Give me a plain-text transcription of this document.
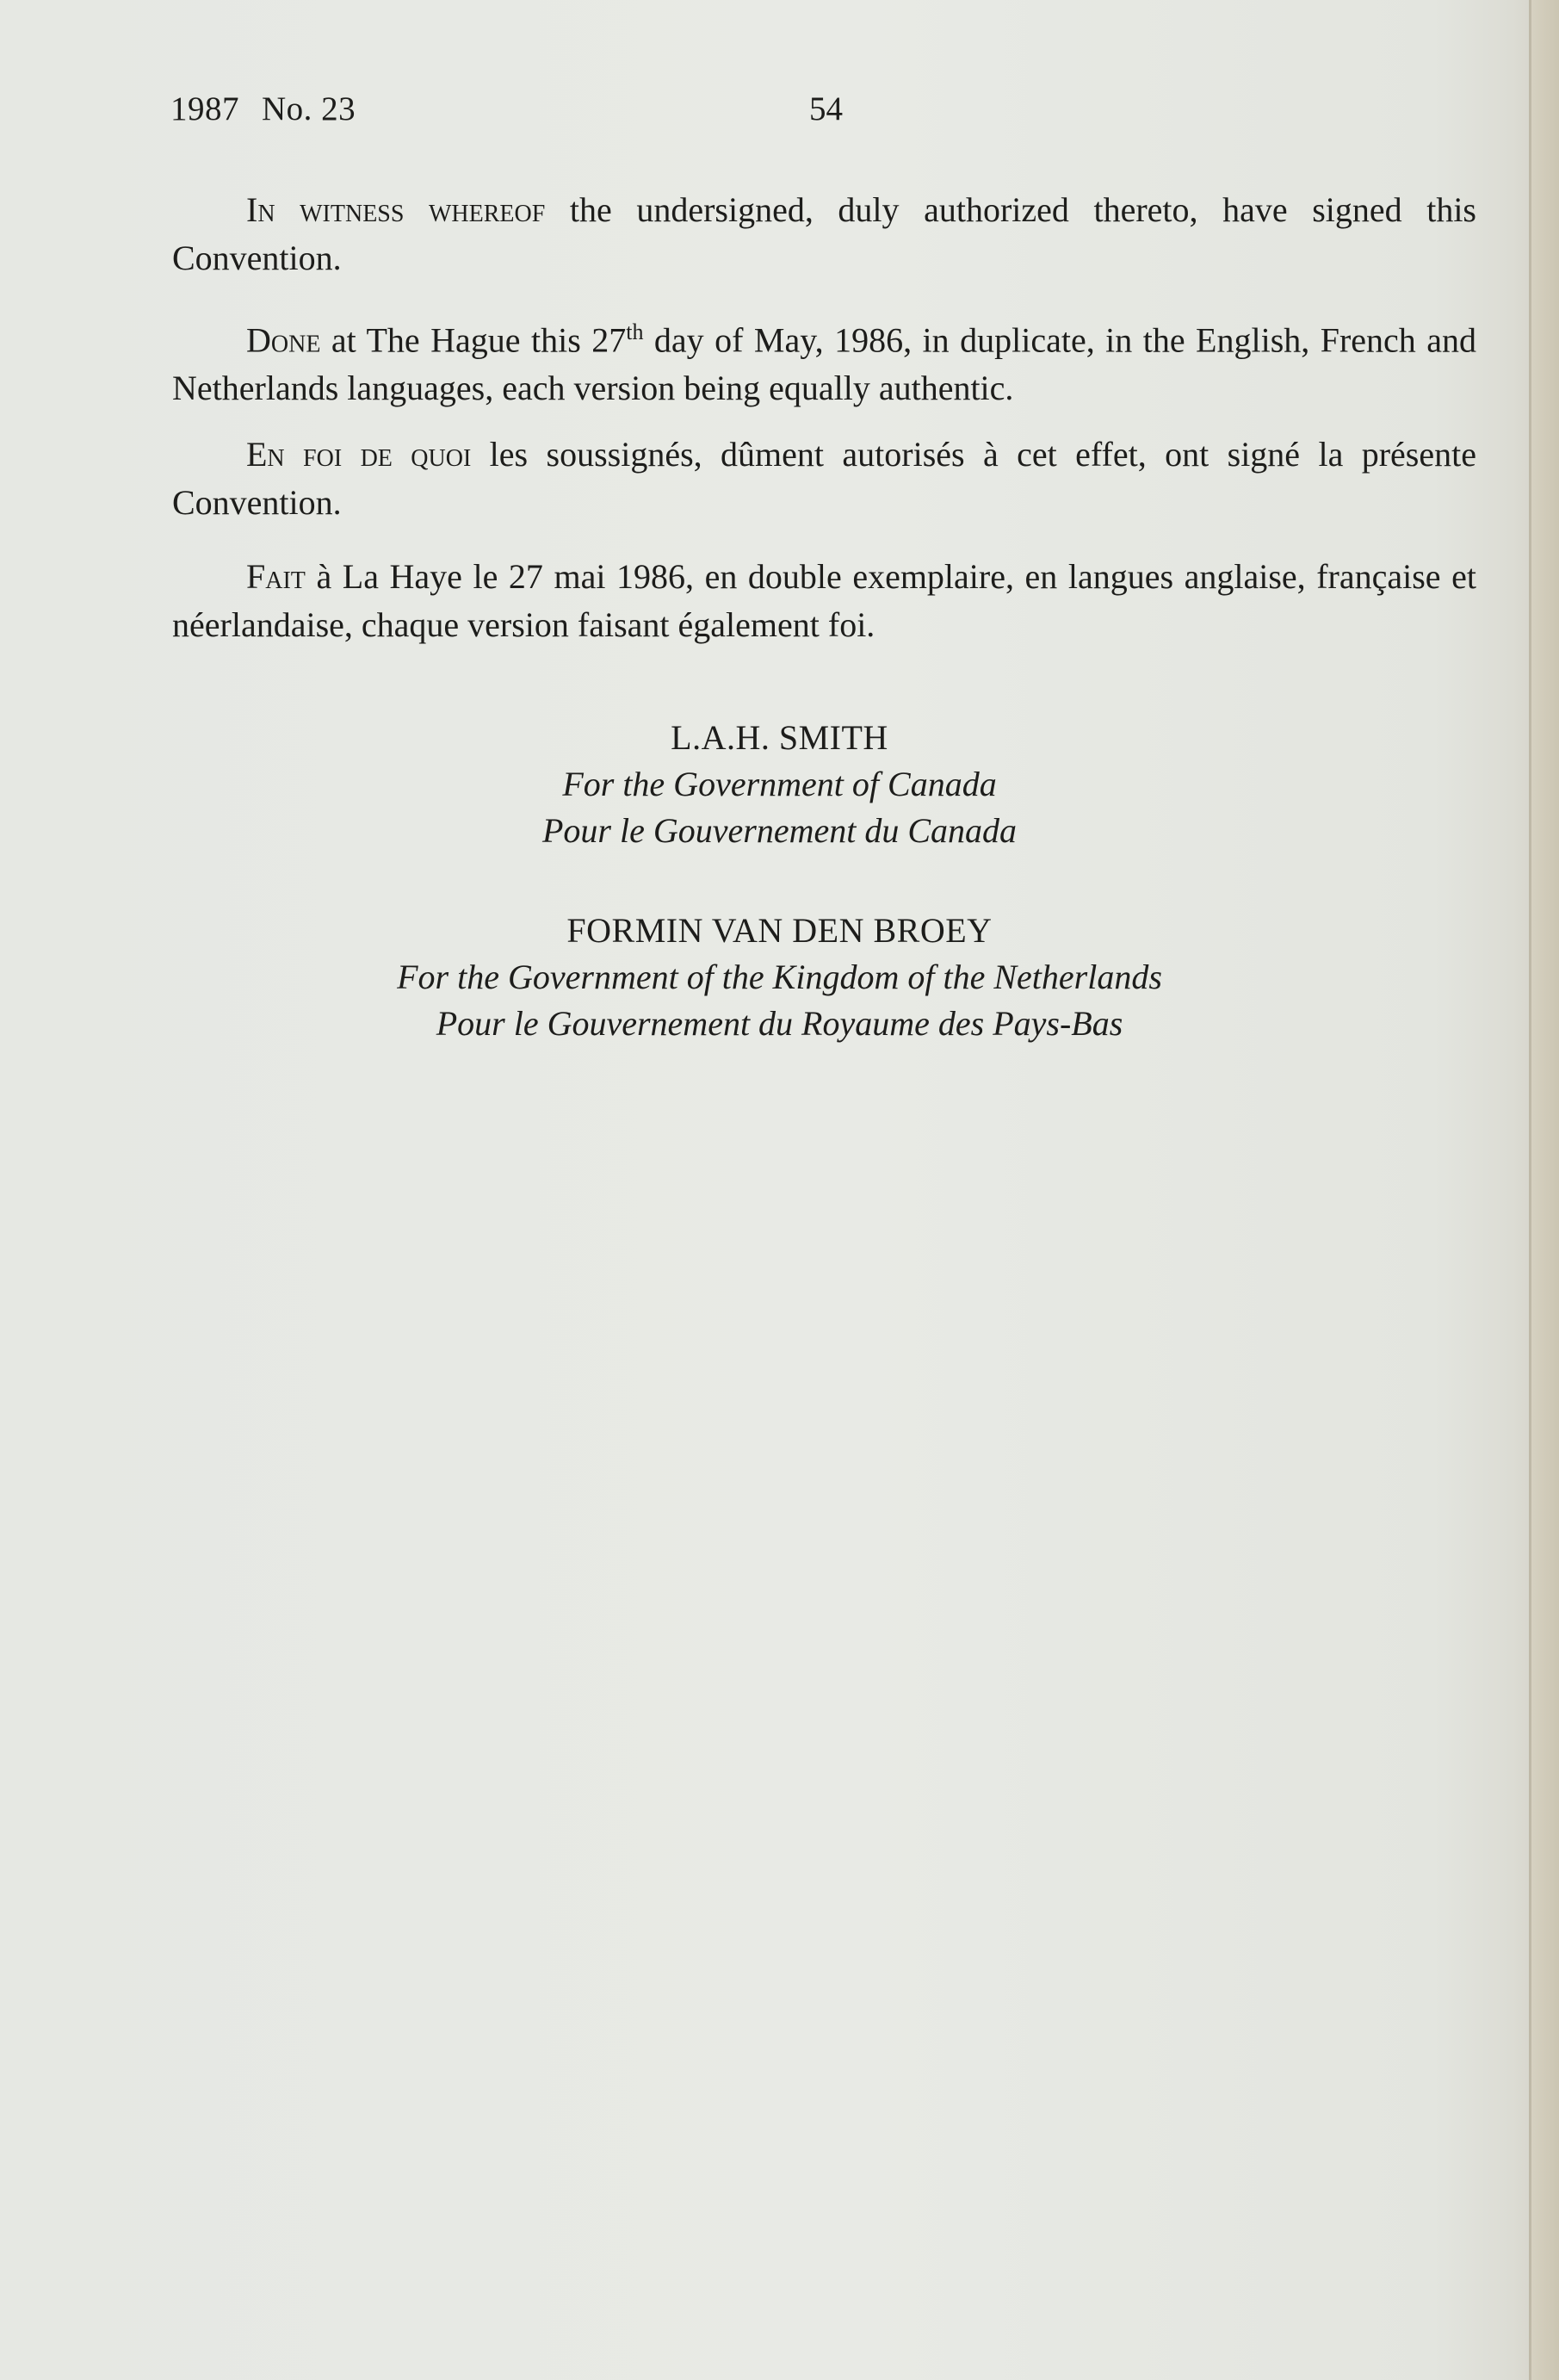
1987 No. 23	54
In witness whereof the undersigned, duly authorized thereto, have signed this Convention.
Done at The Hague this 27th day of May, 1986, in duplicate, in the English, French and Netherlands languages, each version being equally authentic.
En foi de quoi les soussignés, dûment autorisés à cet effet, ont signé la présente Convention.
Fait à La Haye le 27 mai 1986, en double exemplaire, en langues anglaise, française et néerlandaise, chaque version faisant également foi.
L.A.H. SMITH
For the Government of Canada
Pour le Gouvernement du Canada
FORMIN VAN DEN BROEY
For the Government of the Kingdom of the Netherlands
Pour le Gouvernement du Royaume des Pays-Bas
